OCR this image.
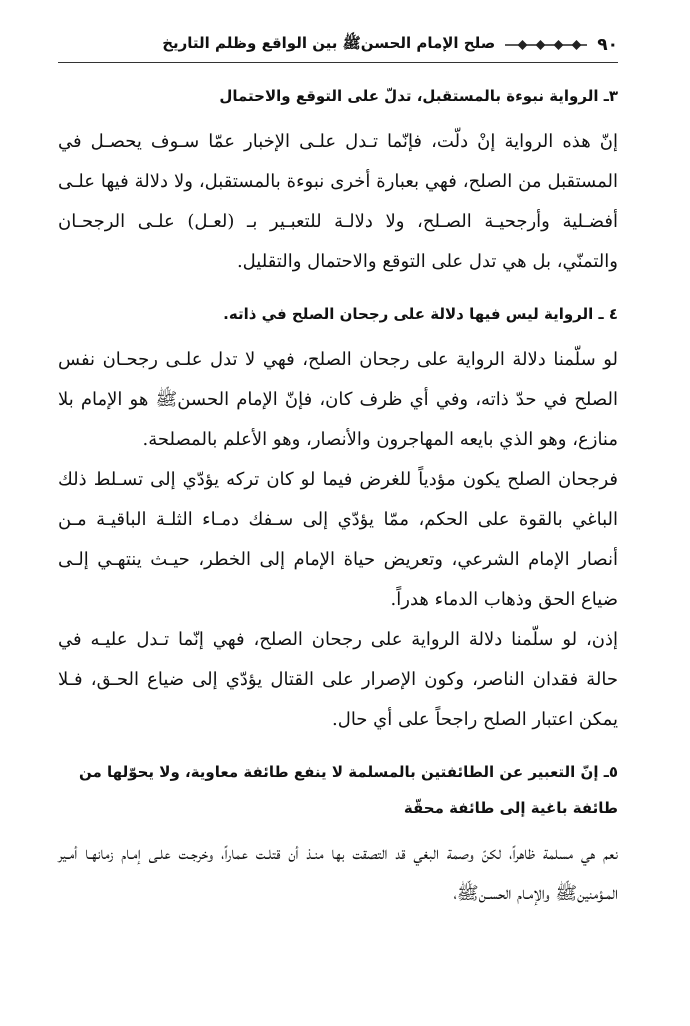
٩٠
صلح الإمام الحسن‌ﷺ بين الواقع وظلم التاريخ
٣ـ الرواية نبوءة بالمستقبل، تدلّ على التوقع والاحتمال

إنّ هذه الرواية إنْ دلّت، فإنّما تـدل علـى الإخبار عمّا سـوف يحصـل في المستقبل من الصلح، فهي بعبارة أخرى نبوءة بالمستقبل، ولا دلالة فيها علـى أفضـلية وأرجحيـة الصـلح، ولا دلالـة للتعبـير بـ (لعـل) علـى الرجحـان والتمنّي، بل هي تدل على التوقع والاحتمال والتقليل.

٤ ـ الرواية ليس فيها دلالة على رجحان الصلح في ذاته.

لو سلّمنا دلالة الرواية على رجحان الصلح، فهي لا تدل علـى رجحـان نفس الصلح في حدّ ذاته، وفي أي ظرف كان، فإنّ الإمام الحسن‌ﷺ هو الإمام بلا منازع، وهو الذي بايعه المهاجرون والأنصار، وهو الأعلم بالمصلحة.

فرجحان الصلح يكون مؤدياً للغرض فيما لو كان تركه يؤدّي إلى تسـلط ذلك الباغي بالقوة على الحكم، ممّا يؤدّي إلى سـفك دمـاء الثلـة الباقيـة مـن أنصار الإمام الشرعي، وتعريض حياة الإمام إلى الخطر، حيـث ينتهـي إلـى ضياع الحق وذهاب الدماء هدراً.

إذن، لو سلّمنا دلالة الرواية على رجحان الصلح، فهي إنّما تـدل عليـه في حالة فقدان الناصر، وكون الإصرار على القتال يؤدّي إلى ضياع الحـق، فـلا يمكن اعتبار الصلح راجحاً على أي حال.

٥ـ إنّ التعبير عن الطائفتين بالمسلمة لا ينفع طائفة معاوية، ولا يحوّلها من طائفة باغية إلى طائفة محقّة

نعم هي مسلمة ظاهراً، لكنّ وصمة البغي قد التصقت بها منـذ أن قتلـت عماراً، وخرجـت علـى إمـام زمانهـا أمـير المـؤمنين‌ﷺ والإمـام الحسـن‌ﷺ،
